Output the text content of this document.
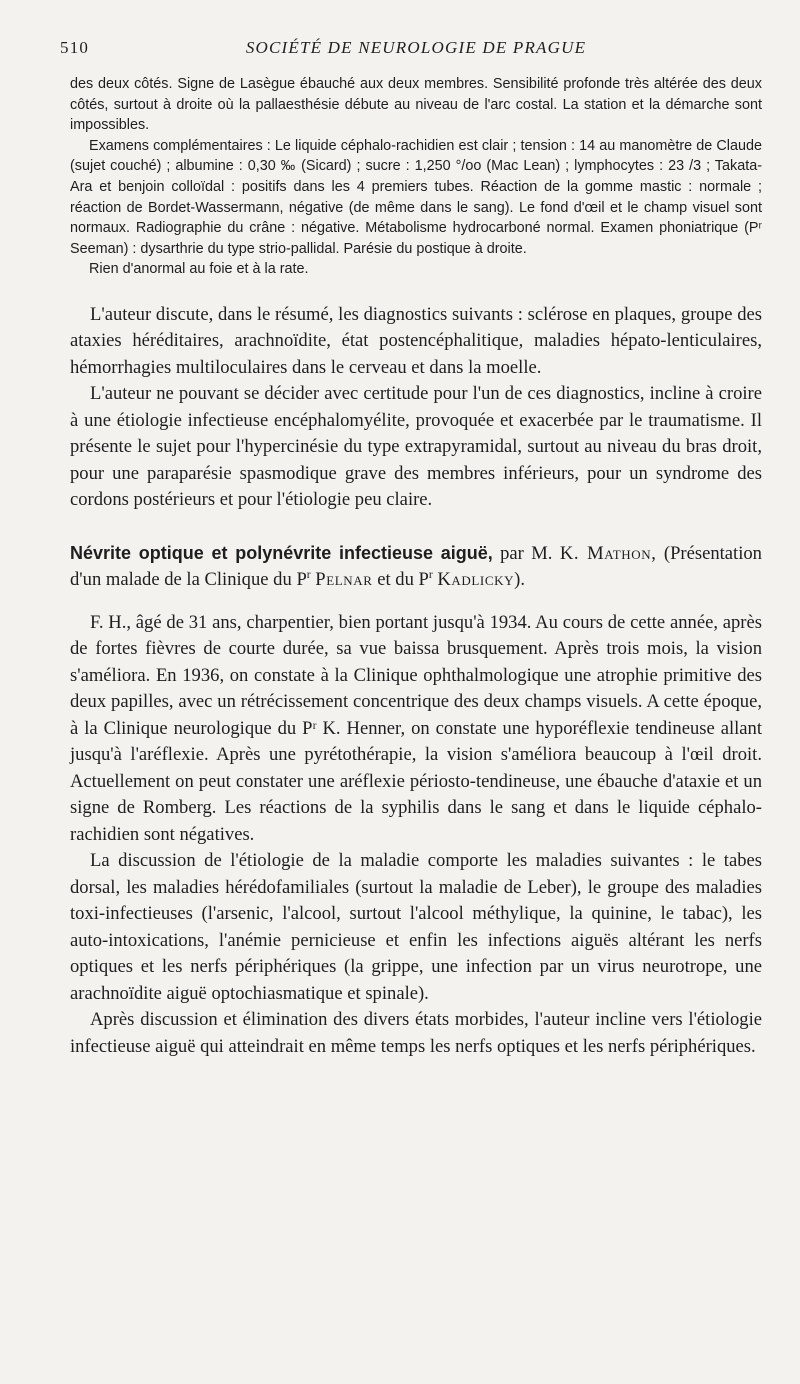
510	SOCIÉTÉ DE NEUROLOGIE DE PRAGUE

des deux côtés. Signe de Lasègue ébauché aux deux membres. Sensibilité profonde très altérée des deux côtés, surtout à droite où la pallaesthésie débute au niveau de l'arc costal. La station et la démarche sont impossibles.

Examens complémentaires : Le liquide céphalo-rachidien est clair ; tension : 14 au manomètre de Claude (sujet couché) ; albumine : 0,30 ‰ (Sicard) ; sucre : 1,250 °/oo (Mac Lean) ; lymphocytes : 23 /3 ; Takata-Ara et benjoin colloïdal : positifs dans les 4 premiers tubes. Réaction de la gomme mastic : normale ; réaction de Bordet-Wassermann, négative (de même dans le sang). Le fond d'œil et le champ visuel sont normaux. Radiographie du crâne : négative. Métabolisme hydrocarboné normal. Examen phoniatrique (Pʳ Seeman) : dysarthrie du type strio-pallidal. Parésie du postique à droite.

Rien d'anormal au foie et à la rate.

L'auteur discute, dans le résumé, les diagnostics suivants : sclérose en plaques, groupe des ataxies héréditaires, arachnoïdite, état postencéphalitique, maladies hépato-lenticulaires, hémorrhagies multiloculaires dans le cerveau et dans la moelle.

L'auteur ne pouvant se décider avec certitude pour l'un de ces diagnostics, incline à croire à une étiologie infectieuse encéphalomyélite, provoquée et exacerbée par le traumatisme. Il présente le sujet pour l'hypercinésie du type extrapyramidal, surtout au niveau du bras droit, pour une paraparésie spasmodique grave des membres inférieurs, pour un syndrome des cordons postérieurs et pour l'étiologie peu claire.

Névrite optique et polynévrite infectieuse aiguë, par M. K. Mathon, (Présentation d'un malade de la Clinique du $P^r$ Pelnar et du $P^r$ Kadlicky).

F. H., âgé de 31 ans, charpentier, bien portant jusqu'à 1934. Au cours de cette année, après de fortes fièvres de courte durée, sa vue baissa brusquement. Après trois mois, la vision s'améliora. En 1936, on constate à la Clinique ophthalmologique une atrophie primitive des deux papilles, avec un rétrécissement concentrique des deux champs visuels. A cette époque, à la Clinique neurologique du Pʳ K. Henner, on constate une hyporéflexie tendineuse allant jusqu'à l'aréflexie. Après une pyrétothérapie, la vision s'améliora beaucoup à l'œil droit. Actuellement on peut constater une aréflexie périosto-tendineuse, une ébauche d'ataxie et un signe de Romberg. Les réactions de la syphilis dans le sang et dans le liquide céphalo-rachidien sont négatives.

La discussion de l'étiologie de la maladie comporte les maladies suivantes : le tabes dorsal, les maladies hérédofamiliales (surtout la maladie de Leber), le groupe des maladies toxi-infectieuses (l'arsenic, l'alcool, surtout l'alcool méthylique, la quinine, le tabac), les auto-intoxications, l'anémie pernicieuse et enfin les infections aiguës altérant les nerfs optiques et les nerfs périphériques (la grippe, une infection par un virus neurotrope, une arachnoïdite aiguë optochiasmatique et spinale).

Après discussion et élimination des divers états morbides, l'auteur incline vers l'étiologie infectieuse aiguë qui atteindrait en même temps les nerfs optiques et les nerfs périphériques.
